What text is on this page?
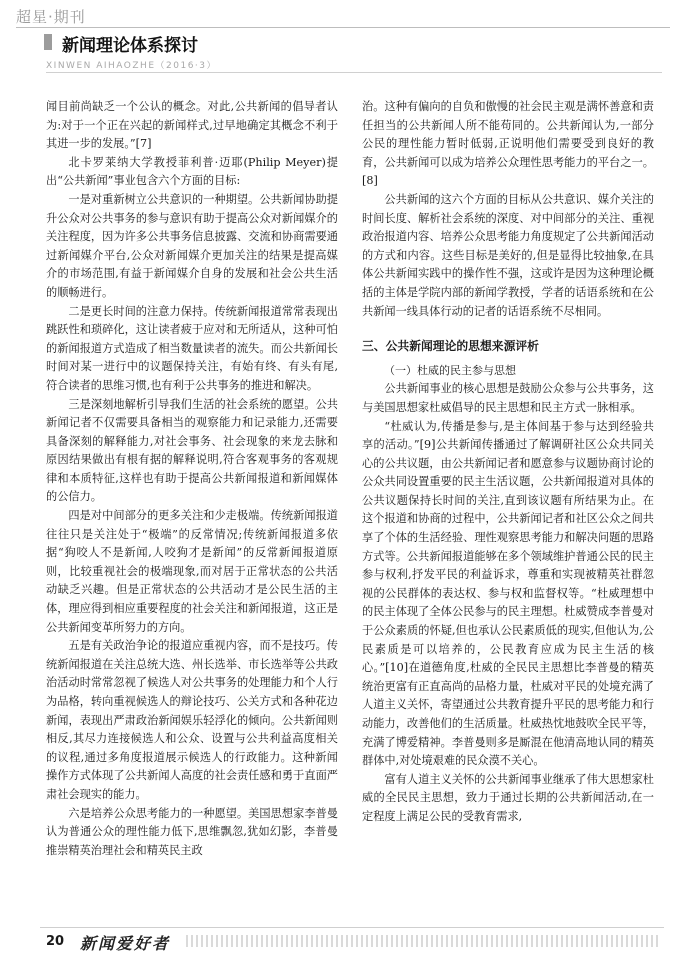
超星·期刊
新闻理论体系探讨
XINWEN AIHAOZHE（2016·3）

闻目前尚缺乏一个公认的概念。对此,公共新闻的倡导者认为:对于一个正在兴起的新闻样式,过早地确定其概念不利于其进一步的发展。”[7]

北卡罗莱纳大学教授菲利普·迈耶(Philip Meyer)提出“公共新闻”事业包含六个方面的目标:

一是对重新树立公共意识的一种期望。公共新闻协助提升公众对公共事务的参与意识有助于提高公众对新闻媒介的关注程度，因为许多公共事务信息披露、交流和协商需要通过新闻媒介平台,公众对新闻媒介更加关注的结果是提高媒介的市场范围,有益于新闻媒介自身的发展和社会公共生活的顺畅进行。

二是更长时间的注意力保持。传统新闻报道常常表现出跳跃性和琐碎化，这让读者疲于应对和无所适从，这种可怕的新闻报道方式造成了相当数量读者的流失。而公共新闻长时间对某一进行中的议题保持关注，有始有终、有头有尾,符合读者的思维习惯,也有利于公共事务的推进和解决。

三是深刻地解析引导我们生活的社会系统的愿望。公共新闻记者不仅需要具备相当的观察能力和记录能力,还需要具备深刻的解释能力,对社会事务、社会现象的来龙去脉和原因结果做出有根有据的解释说明,符合客观事务的客观规律和本质特征,这样也有助于提高公共新闻报道和新闻媒体的公信力。

四是对中间部分的更多关注和少走极端。传统新闻报道往往只是关注处于“极端”的反常情况;传统新闻报道多依据“狗咬人不是新闻,人咬狗才是新闻”的反常新闻报道原则，比较重视社会的极端现象,而对居于正常状态的公共活动缺乏兴趣。但是正常状态的公共活动才是公民生活的主体，理应得到相应重要程度的社会关注和新闻报道，这正是公共新闻变革所努力的方向。

五是有关政治争论的报道应重视内容，而不是技巧。传统新闻报道在关注总统大选、州长选举、市长选举等公共政治活动时常常忽视了候选人对公共事务的处理能力和个人行为品格，转向重视候选人的辩论技巧、公关方式和各种花边新闻，表现出严肃政治新闻娱乐轻浮化的倾向。公共新闻则相反,其尽力连接候选人和公众、设置与公共利益高度相关的议程,通过多角度报道展示候选人的行政能力。这种新闻操作方式体现了公共新闻人高度的社会责任感和勇于直面严肃社会现实的能力。

六是培养公众思考能力的一种愿望。美国思想家李普曼认为普通公众的理性能力低下,思维飘忽,犹如幻影，李普曼推崇精英治理社会和精英民主政

治。这种有偏向的自负和傲慢的社会民主观是满怀善意和责任担当的公共新闻人所不能苟同的。公共新闻认为,一部分公民的理性能力暂时低弱,正说明他们需要受到良好的教育，公共新闻可以成为培养公众理性思考能力的平台之一。[8]

公共新闻的这六个方面的目标从公共意识、媒介关注的时间长度、解析社会系统的深度、对中间部分的关注、重视政治报道内容、培养公众思考能力角度规定了公共新闻活动的方式和内容。这些目标是美好的,但是显得比较抽象,在具体公共新闻实践中的操作性不强，这或许是因为这种理论概括的主体是学院内部的新闻学教授，学者的话语系统和在公共新闻一线具体行动的记者的话语系统不尽相同。

三、公共新闻理论的思想来源评析
（一）杜威的民主参与思想

公共新闻事业的核心思想是鼓励公众参与公共事务，这与美国思想家杜威倡导的民主思想和民主方式一脉相承。

“杜威认为,传播是参与,是主体间基于参与达到经验共享的活动。”[9]公共新闻传播通过了解调研社区公众共同关心的公共议题，由公共新闻记者和愿意参与议题协商讨论的公众共同设置重要的民主生活议题，公共新闻报道对具体的公共议题保持长时间的关注,直到该议题有所结果为止。在这个报道和协商的过程中，公共新闻记者和社区公众之间共享了个体的生活经验、理性观察思考能力和解决问题的思路方式等。公共新闻报道能够在多个领域维护普通公民的民主参与权利,抒发平民的利益诉求，尊重和实现被精英社群忽视的公民群体的表达权、参与权和监督权等。“杜威理想中的民主体现了全体公民参与的民主理想。杜威赞成李普曼对于公众素质的怀疑,但也承认公民素质低的现实,但他认为,公民素质是可以培养的，公民教育应成为民主生活的核心。”[10]在道德角度,杜威的全民民主思想比李普曼的精英统治更富有正直高尚的品格力量，杜威对平民的处境充满了人道主义关怀，寄望通过公共教育提升平民的思考能力和行动能力，改善他们的生活质量。杜威热忱地鼓吹全民平等，充满了博爱精神。李普曼则多是厮混在他清高地认同的精英群体中,对处境艰难的民众漠不关心。

富有人道主义关怀的公共新闻事业继承了伟大思想家杜威的全民民主思想，致力于通过长期的公共新闻活动,在一定程度上满足公民的受教育需求,

20 新闻爱好者
